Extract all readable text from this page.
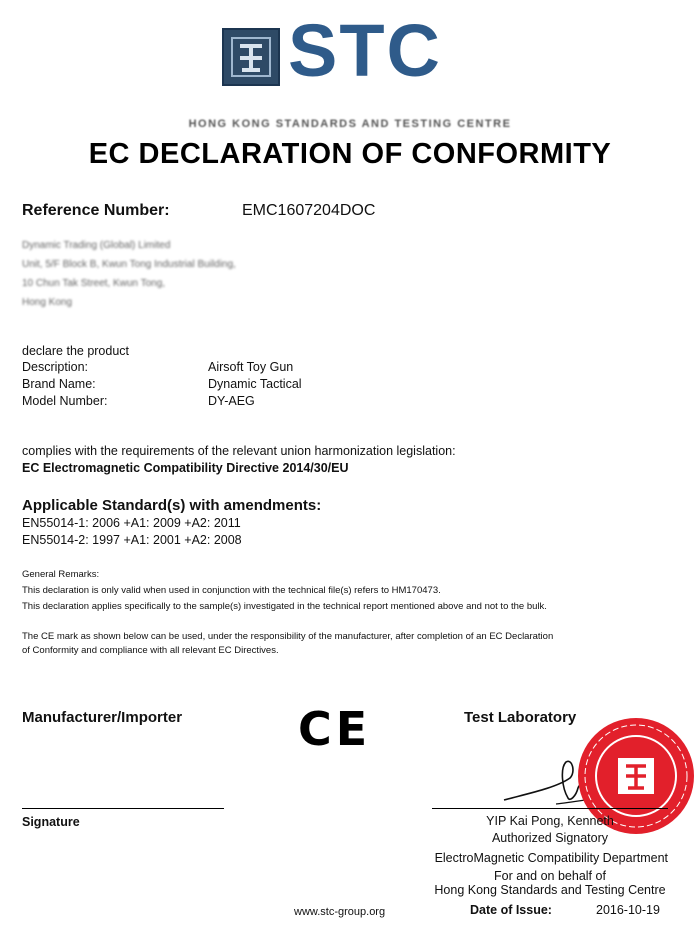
STC
HONG KONG STANDARDS AND TESTING CENTRE
EC DECLARATION OF CONFORMITY
Reference Number:	EMC1607204DOC
Dynamic Trading (Global) Limited
Unit, 5/F Block B, Kwun Tong Industrial Building,
10 Chun Tak Street, Kwun Tong,
Hong Kong
declare the product
Description:	Airsoft Toy Gun
Brand Name:	Dynamic Tactical
Model Number:	DY-AEG
complies with the requirements of the relevant union harmonization legislation:
EC Electromagnetic Compatibility Directive 2014/30/EU
Applicable Standard(s) with amendments:
EN55014-1: 2006 +A1: 2009 +A2: 2011
EN55014-2: 1997 +A1: 2001 +A2: 2008
General Remarks:
This declaration is only valid when used in conjunction with the technical file(s) refers to HM170473.
This declaration applies specifically to the sample(s) investigated in the technical report mentioned above and not to the bulk.
The CE mark as shown below can be used, under the responsibility of the manufacturer, after completion of an EC Declaration
of Conformity and compliance with all relevant EC Directives.
Manufacturer/Importer	CE	Test Laboratory
Signature	YIP Kai Pong, Kenneth
Authorized Signatory
ElectroMagnetic Compatibility Department
For and on behalf of
Hong Kong Standards and Testing Centre
www.stc-group.org	Date of Issue:	2016-10-19
